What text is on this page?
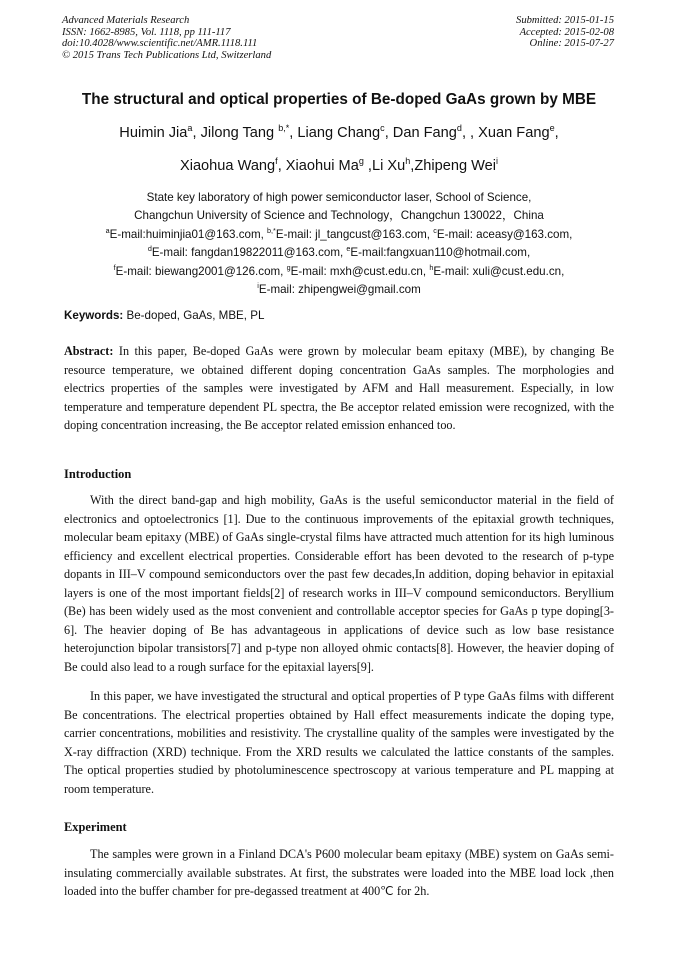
Advanced Materials Research
ISSN: 1662-8985, Vol. 1118, pp 111-117
doi:10.4028/www.scientific.net/AMR.1118.111
© 2015 Trans Tech Publications Ltd, Switzerland
Submitted: 2015-01-15
Accepted: 2015-02-08
Online: 2015-07-27
The structural and optical properties of Be-doped GaAs grown by MBE
Huimin Jia$^a$, Jilong Tang $^{b,*}$, Liang Chang$^c$, Dan Fang$^d$, , Xuan Fang$^e$,
Xiaohua Wang$^f$, Xiaohui Ma$^g$ ,Li Xu$^h$,Zhipeng Wei$^i$
State key laboratory of high power semiconductor laser, School of Science,
Changchun University of Science and Technology，Changchun 130022，China
$^a$E-mail:huiminjia01@163.com, $^{b,*}$E-mail: jl_tangcust@163.com, $^c$E-mail: aceasy@163.com,
$^d$E-mail: fangdan19822011@163.com, $^e$E-mail:fangxuan110@hotmail.com,
$^f$E-mail: biewang2001@126.com, $^g$E-mail: mxh@cust.edu.cn, $^h$E-mail: xuli@cust.edu.cn,
$^i$E-mail: zhipengwei@gmail.com
Keywords: Be-doped, GaAs, MBE, PL
Abstract: In this paper, Be-doped GaAs were grown by molecular beam epitaxy (MBE), by changing Be resource temperature, we obtained different doping concentration GaAs samples. The morphologies and electrics properties of the samples were investigated by AFM and Hall measurement. Especially, in low temperature and temperature dependent PL spectra, the Be acceptor related emission were recognized, with the doping concentration increasing, the Be acceptor related emission enhanced too.
Introduction

With the direct band-gap and high mobility, GaAs is the useful semiconductor material in the field of electronics and optoelectronics [1]. Due to the continuous improvements of the epitaxial growth techniques, molecular beam epitaxy (MBE) of GaAs single-crystal films have attracted much attention for its high luminous efficiency and excellent electrical properties. Considerable effort has been devoted to the research of p-type dopants in III–V compound semiconductors over the past few decades,In addition, doping behavior in epitaxial layers is one of the most important fields[2] of research works in III–V compound semiconductors. Beryllium (Be) has been widely used as the most convenient and controllable acceptor species for GaAs p type doping[3-6]. The heavier doping of Be has advantageous in applications of device such as low base resistance heterojunction bipolar transistors[7] and p-type non alloyed ohmic contacts[8]. However, the heavier doping of Be could also lead to a rough surface for the epitaxial layers[9].

In this paper, we have investigated the structural and optical properties of P type GaAs films with different Be concentrations. The electrical properties obtained by Hall effect measurements indicate the doping type, carrier concentrations, mobilities and resistivity. The crystalline quality of the samples were investigated by the X-ray diffraction (XRD) technique. From the XRD results we calculated the lattice constants of the samples. The optical properties studied by photoluminescence spectroscopy at various temperature and PL mapping at room temperature.

Experiment

The samples were grown in a Finland DCA's P600 molecular beam epitaxy (MBE) system on GaAs semi-insulating commercially available substrates. At first, the substrates were loaded into the MBE load lock ,then loaded into the buffer chamber for pre-degassed treatment at 400℃ for 2h.
